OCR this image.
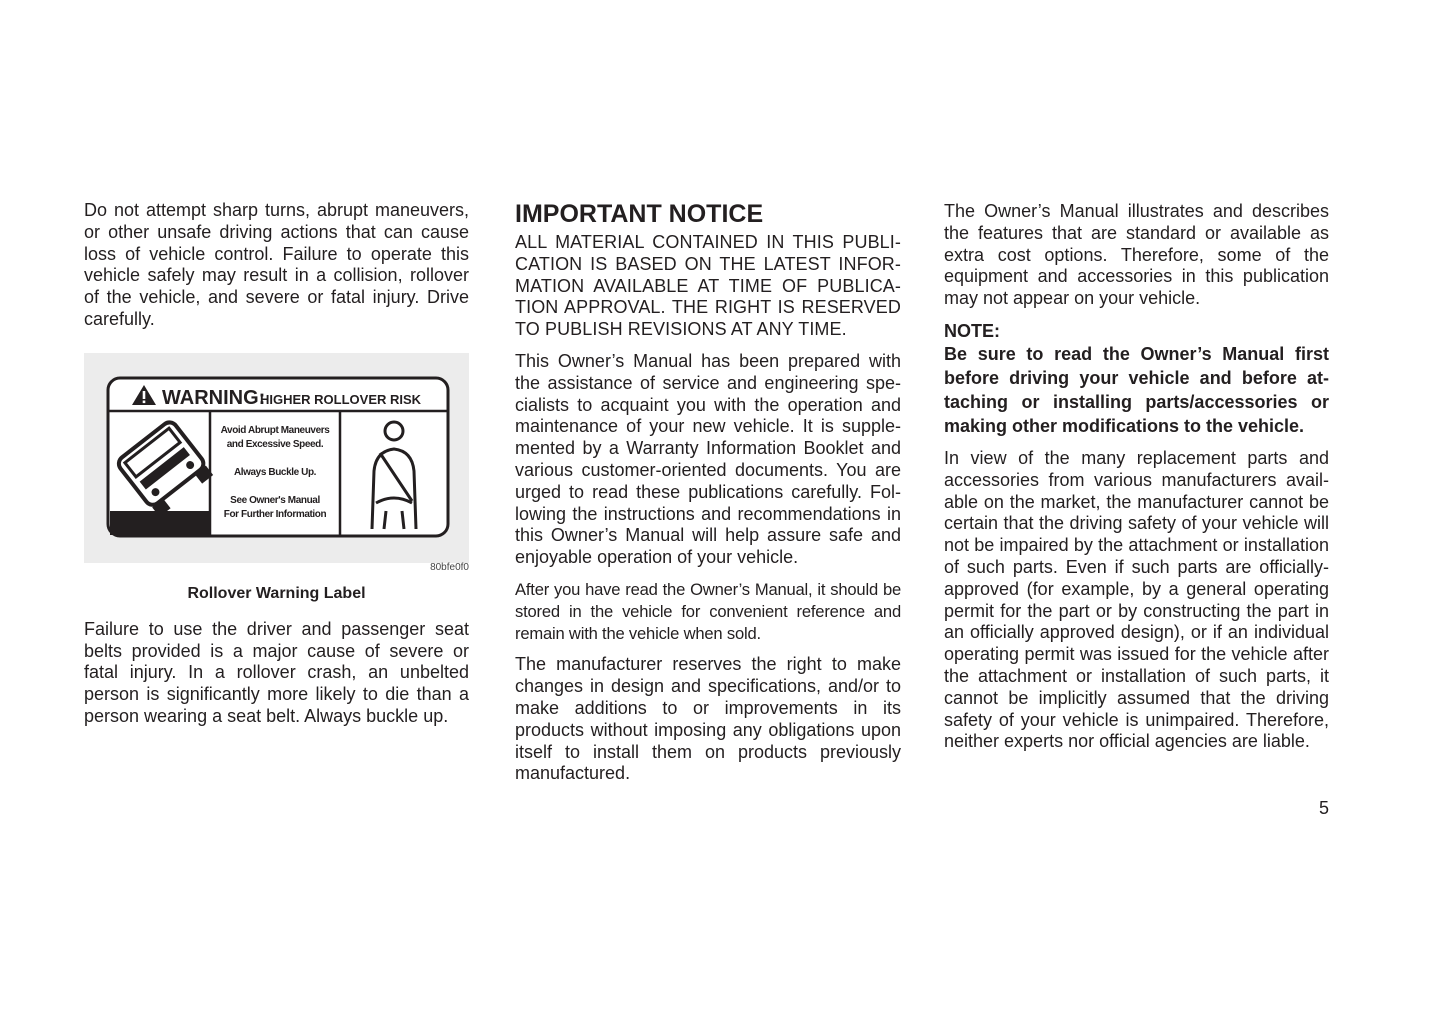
Do not attempt sharp turns, abrupt maneuvers, or other unsafe driving actions that can cause loss of vehicle control. Failure to operate this vehicle safely may result in a collision, rollover of the vehicle, and severe or fatal injury. Drive carefully.

WARNING:
HIGHER ROLLOVER RISK
Avoid Abrupt Maneuvers
and Excessive Speed.
Always Buckle Up.
See Owner's Manual
For Further Information
80bfe0f0
Rollover Warning Label

Failure to use the driver and passenger seat belts provided is a major cause of severe or fatal injury. In a rollover crash, an unbelted person is significantly more likely to die than a person wearing a seat belt. Always buckle up.

IMPORTANT NOTICE

ALL MATERIAL CONTAINED IN THIS PUBLI- CATION IS BASED ON THE LATEST INFOR- MATION AVAILABLE AT TIME OF PUBLICA- TION APPROVAL. THE RIGHT IS RESERVED TO PUBLISH REVISIONS AT ANY TIME.

This Owner’s Manual has been prepared with the assistance of service and engineering spe- cialists to acquaint you with the operation and maintenance of your new vehicle. It is supple- mented by a Warranty Information Booklet and various customer-oriented documents. You are urged to read these publications carefully. Fol- lowing the instructions and recommendations in this Owner’s Manual will help assure safe and enjoyable operation of your vehicle.

After you have read the Owner’s Manual, it should be stored in the vehicle for convenient reference and remain with the vehicle when sold.

The manufacturer reserves the right to make changes in design and specifications, and/or to make additions to or improvements in its products without imposing any obligations upon itself to install them on products previously manufactured.

The Owner’s Manual illustrates and describes the features that are standard or available as extra cost options. Therefore, some of the equipment and accessories in this publication may not appear on your vehicle.

NOTE:

Be sure to read the Owner’s Manual first before driving your vehicle and before at- taching or installing parts/accessories or making other modifications to the vehicle.

In view of the many replacement parts and accessories from various manufacturers avail- able on the market, the manufacturer cannot be certain that the driving safety of your vehicle will not be impaired by the attachment or installation of such parts. Even if such parts are officially- approved (for example, by a general operating permit for the part or by constructing the part in an officially approved design), or if an individual operating permit was issued for the vehicle after the attachment or installation of such parts, it cannot be implicitly assumed that the driving safety of your vehicle is unimpaired. Therefore, neither experts nor official agencies are liable.

5
